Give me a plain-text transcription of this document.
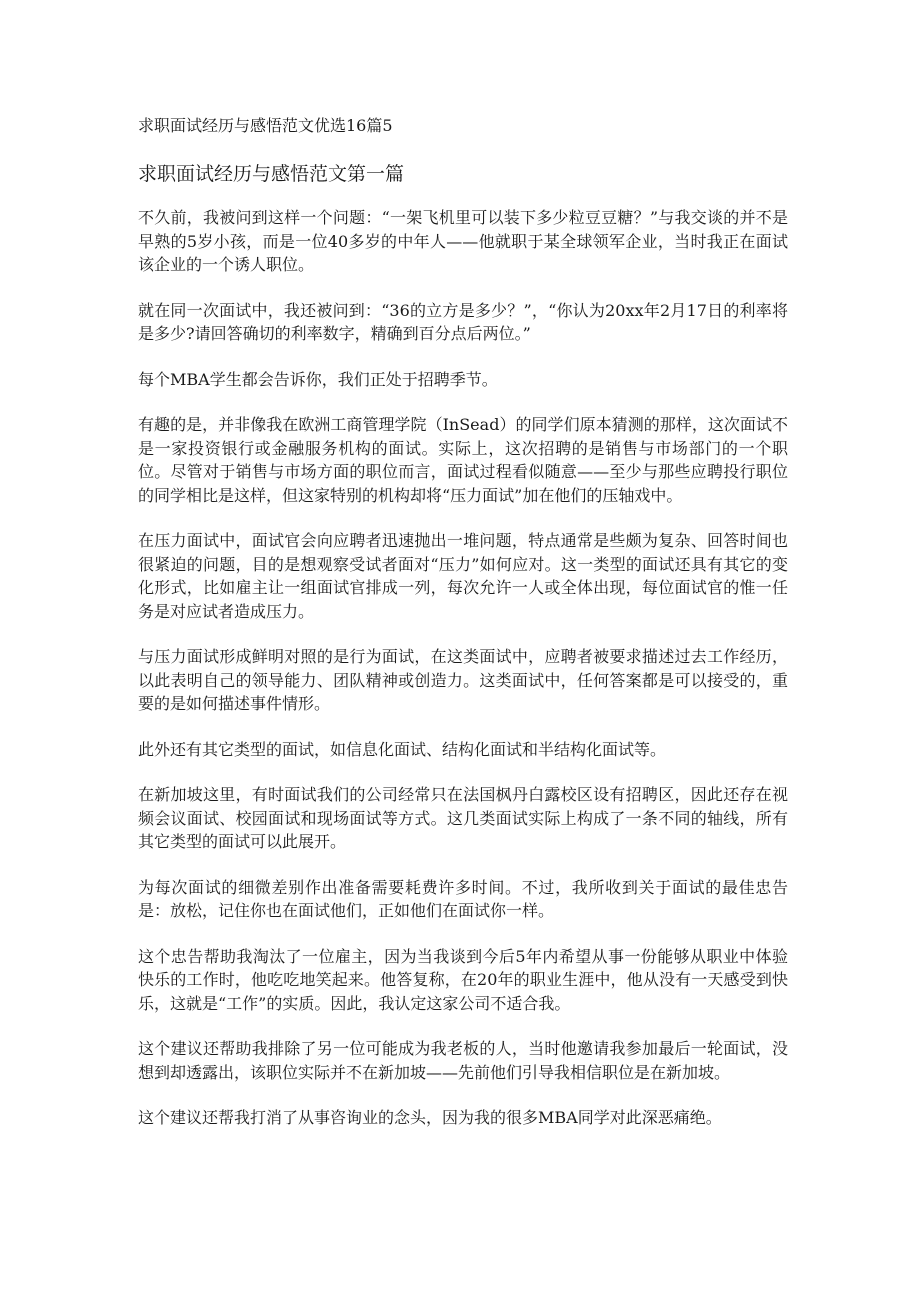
求职面试经历与感悟范文优选16篇5
求职面试经历与感悟范文第一篇

不久前，我被问到这样一个问题：“一架飞机里可以装下多少粒豆豆糖？”与我交谈的并不是早熟的5岁小孩，而是一位40多岁的中年人——他就职于某全球领军企业，当时我正在面试该企业的一个诱人职位。

就在同一次面试中，我还被问到：“36的立方是多少？”，“你认为20xx年2月17日的利率将是多少?请回答确切的利率数字，精确到百分点后两位。”

每个MBA学生都会告诉你，我们正处于招聘季节。

有趣的是，并非像我在欧洲工商管理学院（InSead）的同学们原本猜测的那样，这次面试不是一家投资银行或金融服务机构的面试。实际上，这次招聘的是销售与市场部门的一个职位。尽管对于销售与市场方面的职位而言，面试过程看似随意——至少与那些应聘投行职位的同学相比是这样，但这家特别的机构却将“压力面试”加在他们的压轴戏中。

在压力面试中，面试官会向应聘者迅速抛出一堆问题，特点通常是些颇为复杂、回答时间也很紧迫的问题，目的是想观察受试者面对“压力”如何应对。这一类型的面试还具有其它的变化形式，比如雇主让一组面试官排成一列，每次允许一人或全体出现，每位面试官的惟一任务是对应试者造成压力。

与压力面试形成鲜明对照的是行为面试，在这类面试中，应聘者被要求描述过去工作经历，以此表明自己的领导能力、团队精神或创造力。这类面试中，任何答案都是可以接受的，重要的是如何描述事件情形。

此外还有其它类型的面试，如信息化面试、结构化面试和半结构化面试等。

在新加坡这里，有时面试我们的公司经常只在法国枫丹白露校区设有招聘区，因此还存在视频会议面试、校园面试和现场面试等方式。这几类面试实际上构成了一条不同的轴线，所有其它类型的面试可以此展开。

为每次面试的细微差别作出准备需要耗费许多时间。不过，我所收到关于面试的最佳忠告是：放松，记住你也在面试他们，正如他们在面试你一样。

这个忠告帮助我淘汰了一位雇主，因为当我谈到今后5年内希望从事一份能够从职业中体验快乐的工作时，他吃吃地笑起来。他答复称，在20年的职业生涯中，他从没有一天感受到快乐，这就是“工作”的实质。因此，我认定这家公司不适合我。

这个建议还帮助我排除了另一位可能成为我老板的人，当时他邀请我参加最后一轮面试，没想到却透露出，该职位实际并不在新加坡——先前他们引导我相信职位是在新加坡。

这个建议还帮我打消了从事咨询业的念头，因为我的很多MBA同学对此深恶痛绝。
